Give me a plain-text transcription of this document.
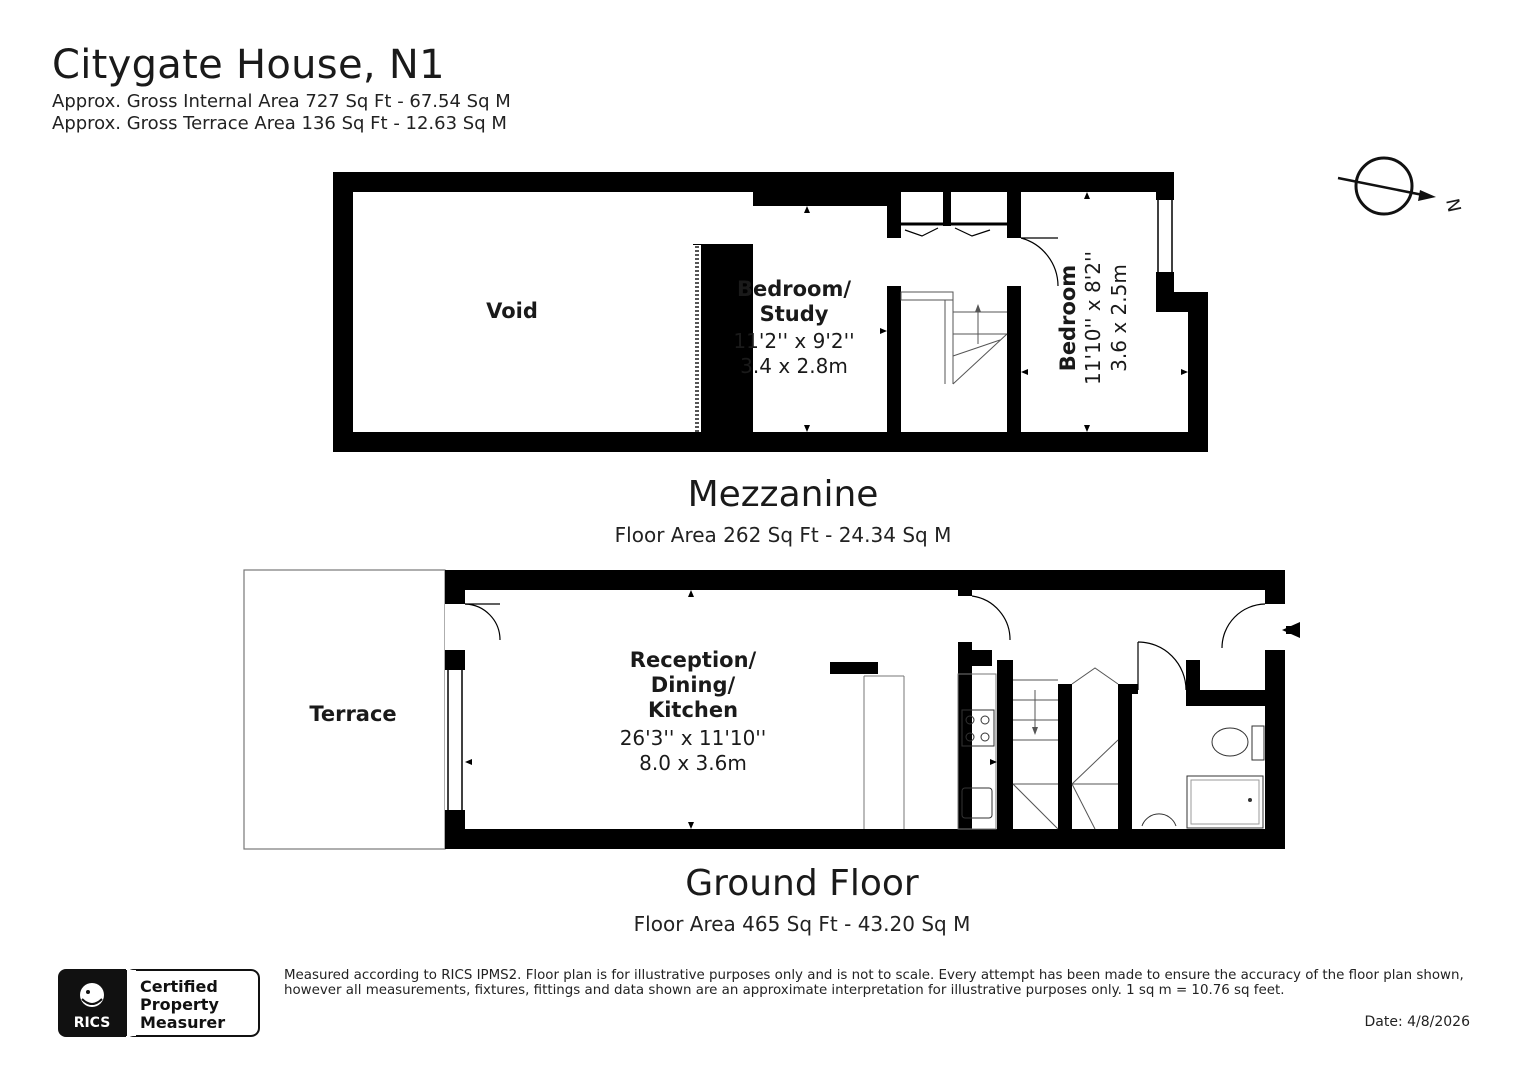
Citygate House, N1
Approx. Gross Internal Area 727 Sq Ft - 67.54 Sq M
Approx. Gross Terrace Area 136 Sq Ft - 12.63 Sq M
N
Void
Bedroom/
Study
11'2'' x 9'2''
3.4 x 2.8m	Bedroom 11'10'' x 8'2'' 3.6 x 2.5m
Terrace
Reception/
Dining/
Kitchen
26'3'' x 11'10''
8.0 x 3.6m
Mezzanine
Floor Area 262 Sq Ft - 24.34 Sq M
Ground Floor
Floor Area 465 Sq Ft - 43.20 Sq M
RICS
Certified
Property
Measurer
Measured according to RICS IPMS2. Floor plan is for illustrative purposes only and is not to scale. Every attempt has been made to ensure the accuracy of the floor plan shown, however all measurements, fixtures, fittings and data shown are an approximate interpretation for illustrative purposes only. 1 sq m = 10.76 sq feet.
Date: 4/8/2026
